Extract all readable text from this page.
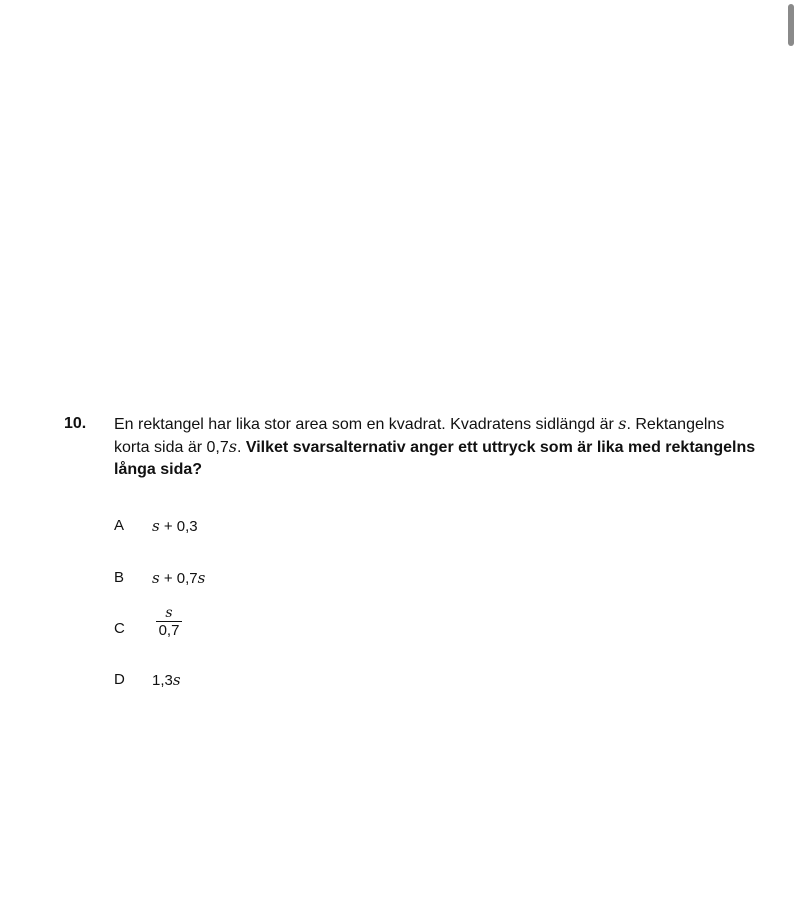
10. En rektangel har lika stor area som en kvadrat. Kvadratens sidlängd är s. Rektangelns korta sida är 0,7s. Vilket svarsalternativ anger ett uttryck som är lika med rektangelns långa sida?
A s + 0,3
B s + 0,7s
C
s
0,7
D 1,3s
